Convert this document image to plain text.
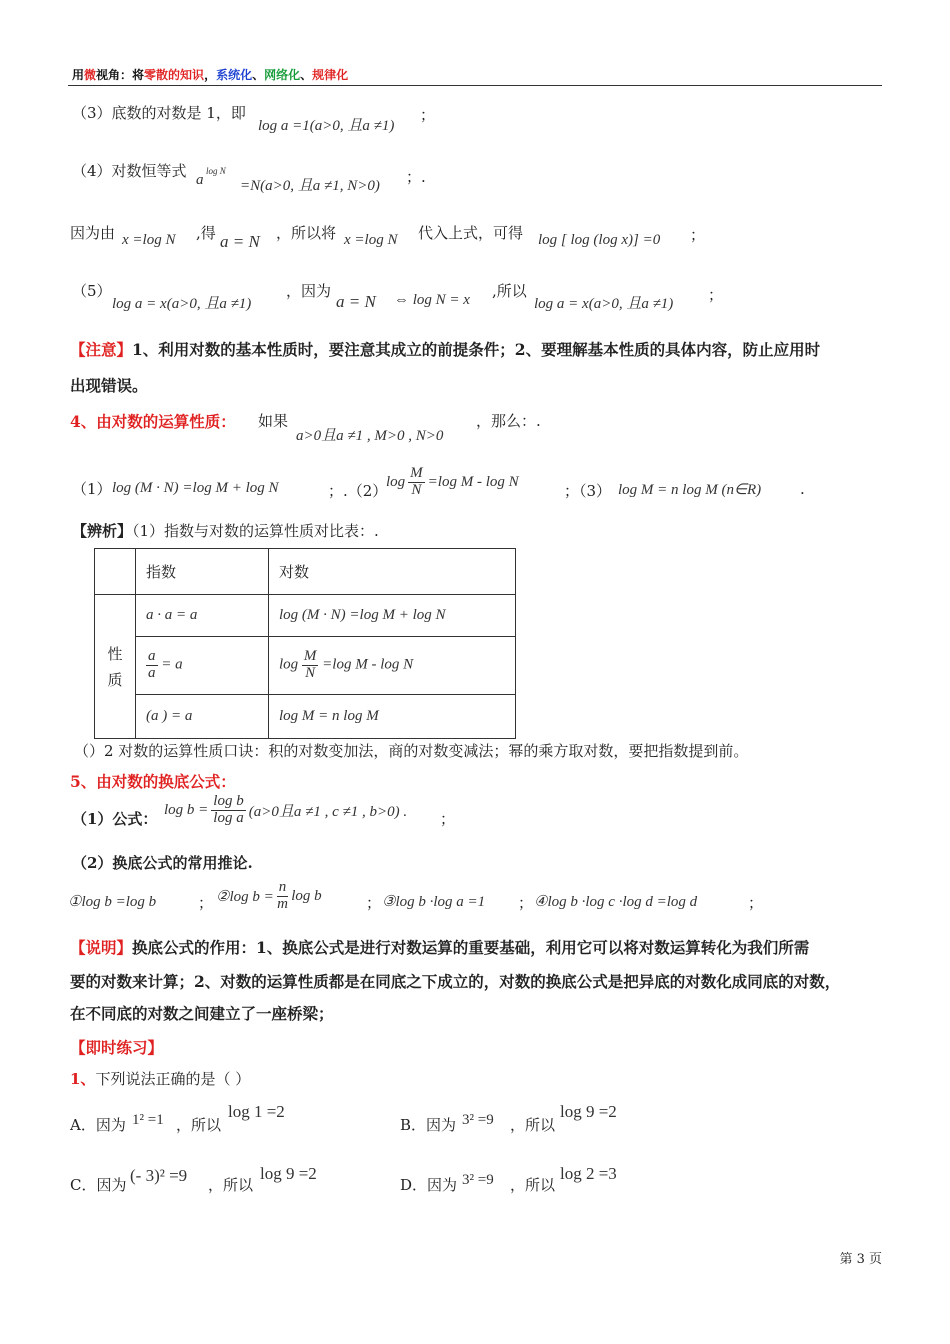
用微视角：将零散的知识，系统化、网络化、规律化
（3）底数的对数是 1，即
log a =1(a>0, 且a ≠1)
；
（4）对数恒等式 a
log N
=N(a>0, 且a ≠1, N>0) ；.
因为由 x =log N ,得 a = N ，所以将 x =log N 代入上式，可得 log [ log (log x)] =0 ；
（5）
log a = x(a>0, 且a ≠1)
，因为
a = N ⇔ log N = x ,所以
log a = x(a>0, 且a ≠1) ；
【注意】1、利用对数的基本性质时，要注意其成立的前提条件；2、要理解基本性质的具体内容，防止应用时
出现错误。
4、由对数的运算性质： 如果
a>0且a ≠1 , M>0 , N>0
，那么：.
（1） log (M · N) =log M + log N	；.（2）
$\log \frac{M}{N} =\log$ M - log N
；（3） log M = n log M (n∈R)	.
【辨析】（1）指数与对数的运算性质对比表：.
	指数	对数
性质	a · a = a	log (M · N) =log M + log N

	$\frac{a}{a} = a$	$\log \frac{M}{N} =\log$ M - log N
	(a ) = a	log M = n log M
（）2 对数的运算性质口诀：积的对数变加法，商的对数变减法；幂的乘方取对数，要把指数提到前。
5、由对数的换底公式：
（1）公式：
$\log b = \frac{\text{log b}}{\text{log a}} (a>0$且a ≠1 , c ≠1 , b>0) . ；
（2）换底公式的常用推论.
①log b =log b	； ②log $b = \frac{n}{m}$ log b	； ③log b ·log a =1 ； ④log b ·log c ·log d =log d	；
【说明】换底公式的作用：1、换底公式是进行对数运算的重要基础，利用它可以将对数运算转化为我们所需
要的对数来计算；2、对数的运算性质都是在同底之下成立的，对数的换底公式是把异底的对数化成同底的对数，
在不同底的对数之间建立了一座桥梁；
【即时练习】
1、下列说法正确的是（ ）
A．因为 1² =1 ，所以
log 1 =2
B．因为 3² =9 ，所以
log 9 =2
C．因为 (- 3)² =9 ，所以
log 9 =2
D．因为 3² =9 ，所以
log 2 =3
第 3 页
